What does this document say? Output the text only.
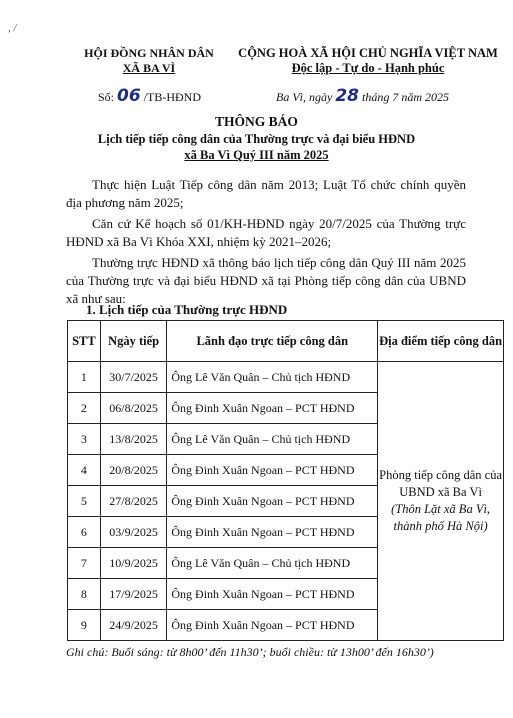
, /
HỘI ĐỒNG NHÂN DÂN
XÃ BA VÌ
CỘNG HOÀ XÃ HỘI CHỦ NGHĨA VIỆT NAM
Độc lập - Tự do - Hạnh phúc
Số: 06 /TB-HĐND	Ba Vì, ngày 28 tháng 7 năm 2025
THÔNG BÁO
Lịch tiếp tiếp công dân của Thường trực và đại biểu HĐND
xã Ba Vì Quý III năm 2025

Thực hiện Luật Tiếp công dân năm 2013; Luật Tổ chức chính quyền địa phương năm 2025;

Căn cứ Kế hoạch số 01/KH-HĐND ngày 20/7/2025 của Thường trực HĐND xã Ba Vì Khóa XXI, nhiệm kỳ 2021–2026;

Thường trực HĐND xã thông báo lịch tiếp công dân Quý III năm 2025 của Thường trực và đại biểu HĐND xã tại Phòng tiếp công dân của UBND xã như sau:

1. Lịch tiếp của Thường trực HĐND
STT	Ngày tiếp	Lãnh đạo trực tiếp công dân	Địa điểm tiếp công dân
1	30/7/2025	Ông Lê Văn Quân – Chủ tịch HĐND	Phòng tiếp công dân của UBND xã Ba Vì
(Thôn Lặt xã Ba Vì, thành phố Hà Nội)

2	06/8/2025	Ông Đinh Xuân Ngoan – PCT HĐND	
3	13/8/2025	Ông Lê Văn Quân – Chủ tịch HĐND	
4	20/8/2025	Ông Đinh Xuân Ngoan – PCT HĐND	
5	27/8/2025	Ông Đinh Xuân Ngoan – PCT HĐND	
6	03/9/2025	Ông Đinh Xuân Ngoan – PCT HĐND	
7	10/9/2025	Ông Lê Văn Quân – Chủ tịch HĐND	
8	17/9/2025	Ông Đinh Xuân Ngoan – PCT HĐND	
9	24/9/2025	Ông Đinh Xuân Ngoan – PCT HĐND	
Ghi chú: Buổi sáng: từ 8h00’ đến 11h30’; buổi chiều: từ 13h00’ đến 16h30’)
